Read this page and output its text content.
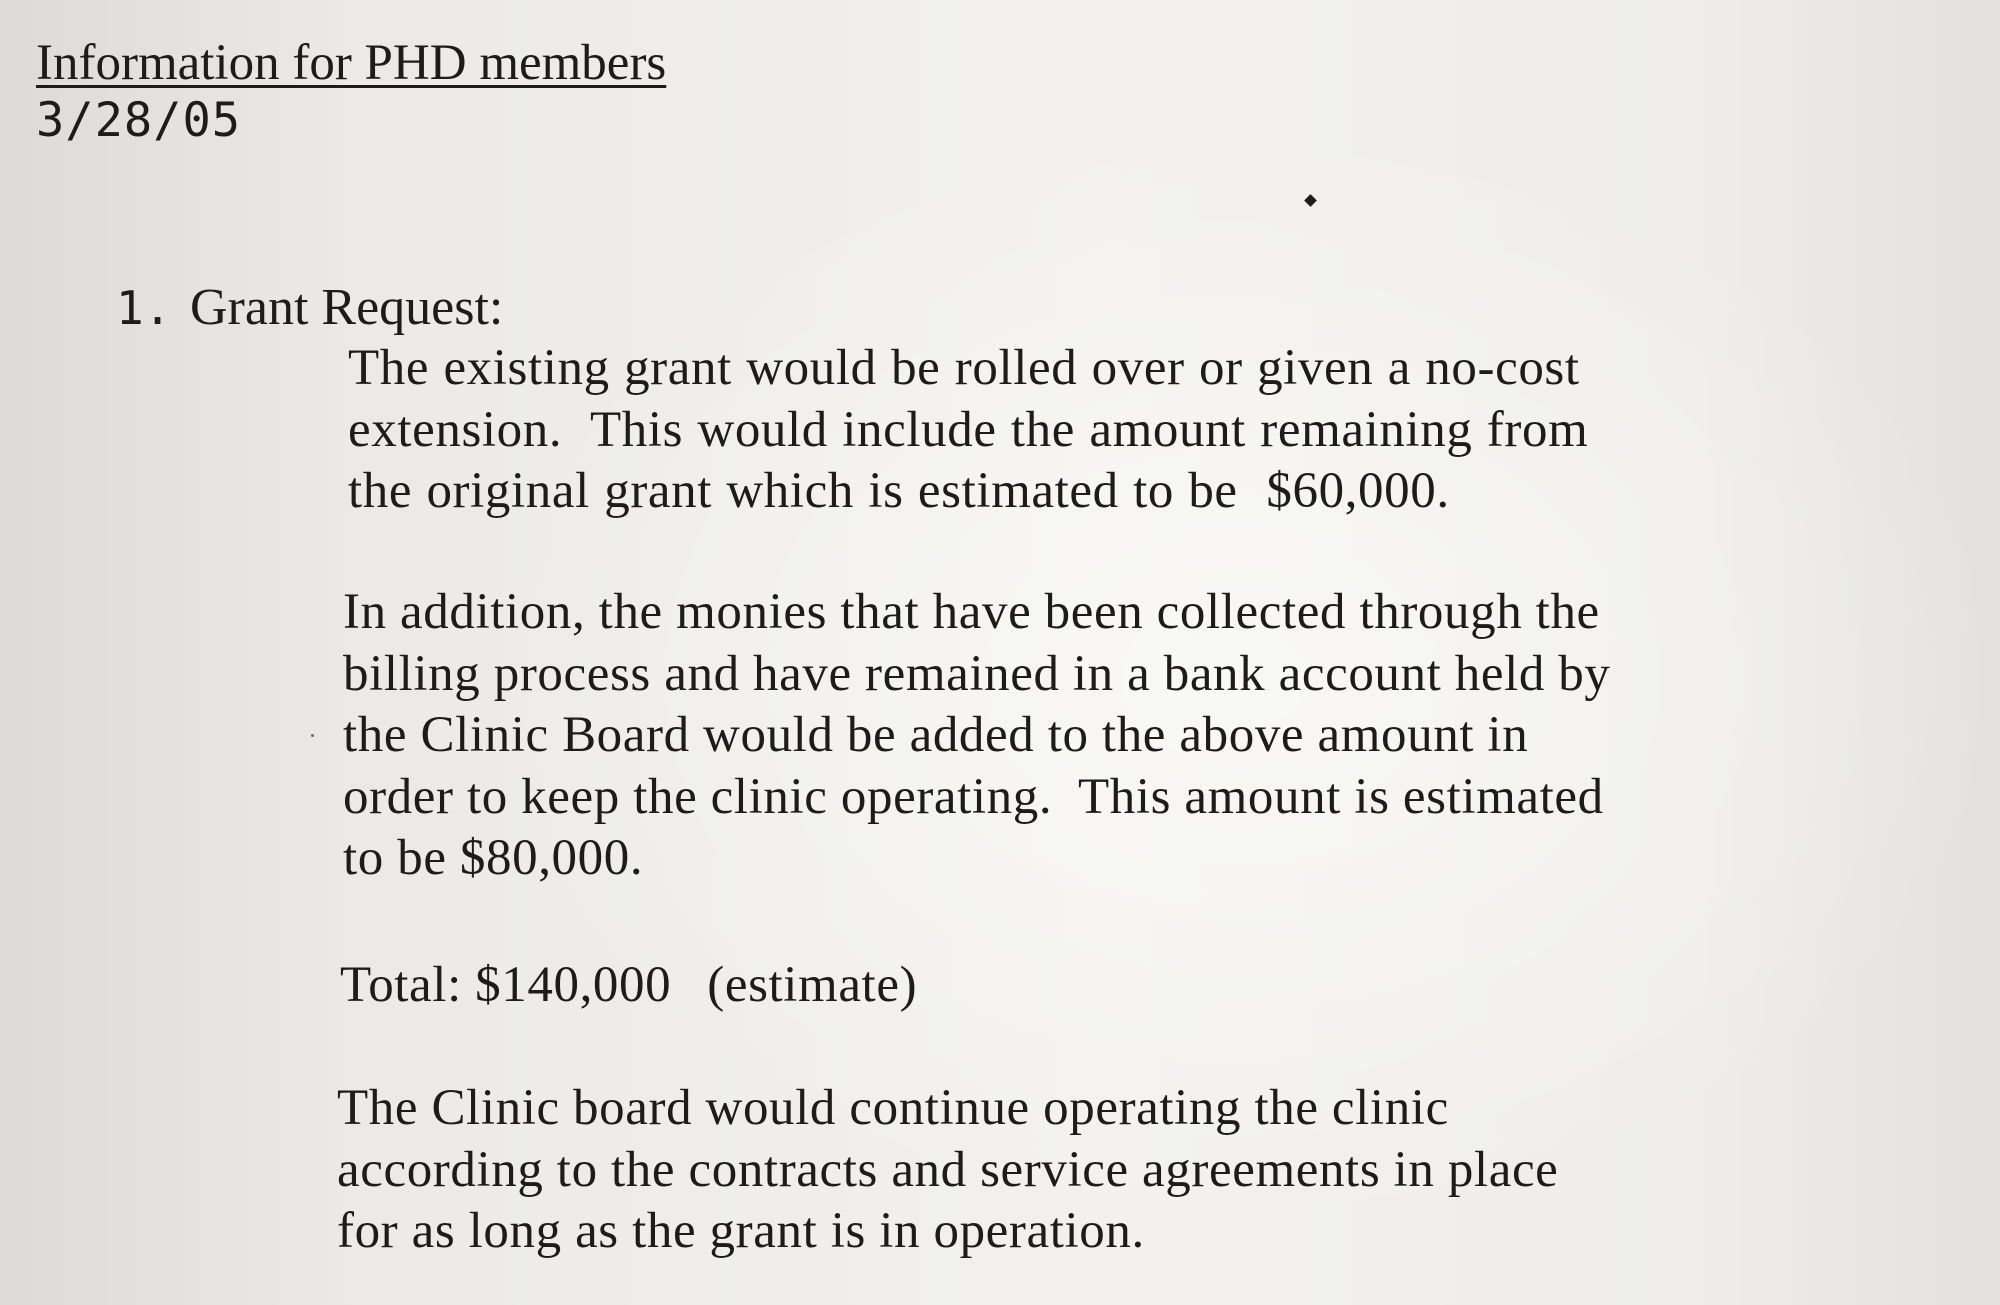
Information for PHD members
3/28/05
1. Grant Request:
The existing grant would be rolled over or given a no-cost
extension.  This would include the amount remaining from
the original grant which is estimated to be  $60,000.
In addition, the monies that have been collected through the
billing process and have remained in a bank account held by
the Clinic Board would be added to the above amount in
order to keep the clinic operating.  This amount is estimated
to be $80,000.
Total: $140,000 (estimate)
The Clinic board would continue operating the clinic
according to the contracts and service agreements in place
for as long as the grant is in operation.
